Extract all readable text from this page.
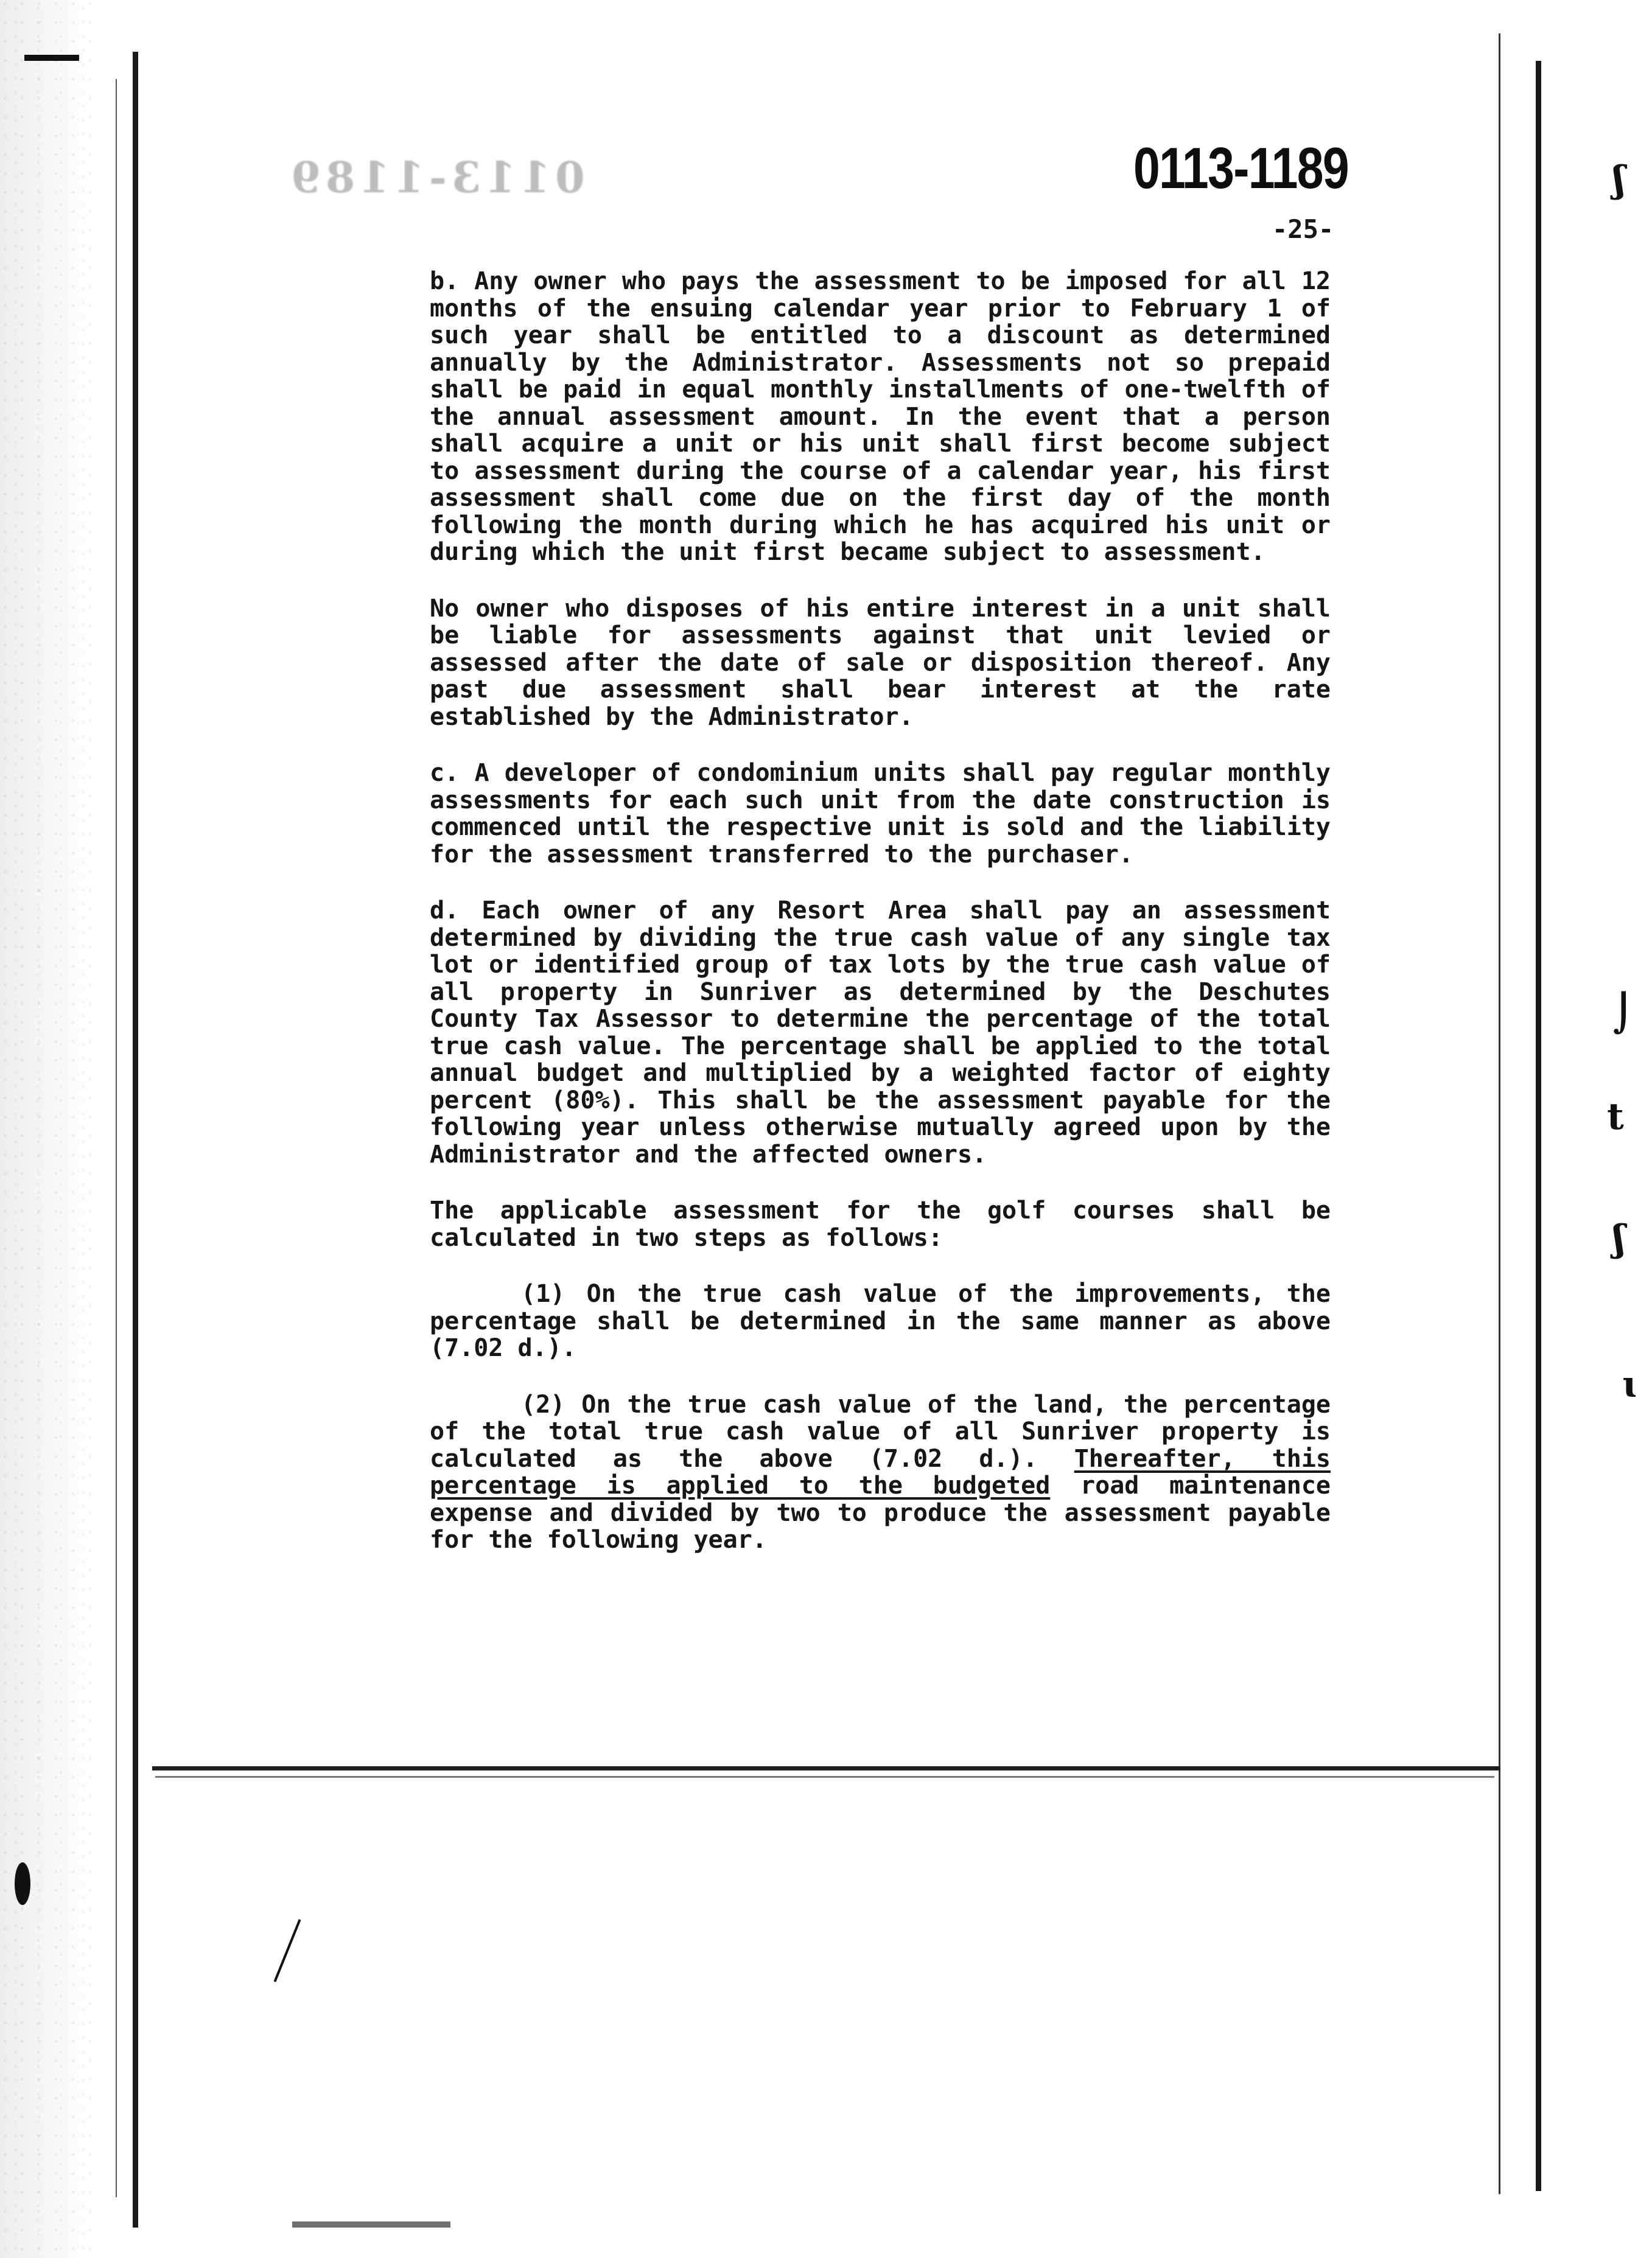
0113-1189	0113-1189
-25-

b. Any owner who pays the assessment to be imposed for all 12 months of the ensuing calendar year prior to February 1 of such year shall be entitled to a discount as determined annually by the Administrator. Assessments not so prepaid shall be paid in equal monthly installments of one-twelfth of the annual assessment amount. In the event that a person shall acquire a unit or his unit shall first become subject to assessment during the course of a calendar year, his first assessment shall come due on the first day of the month following the month during which he has acquired his unit or during which the unit first became subject to assessment.

No owner who disposes of his entire interest in a unit shall be liable for assessments against that unit levied or assessed after the date of sale or disposition thereof. Any past due assessment shall bear interest at the rate established by the Administrator.

c. A developer of condominium units shall pay regular monthly assessments for each such unit from the date construction is commenced until the respective unit is sold and the liability for the assessment transferred to the purchaser.

d. Each owner of any Resort Area shall pay an assessment determined by dividing the true cash value of any single tax lot or identified group of tax lots by the true cash value of all property in Sunriver as determined by the Deschutes County Tax Assessor to determine the percentage of the total true cash value. The percentage shall be applied to the total annual budget and multiplied by a weighted factor of eighty percent (80%). This shall be the assessment payable for the following year unless otherwise mutually agreed upon by the Administrator and the affected owners.

The applicable assessment for the golf courses shall be calculated in two steps as follows:

(1) On the true cash value of the improvements, the percentage shall be determined in the same manner as above (7.02 d.).

(2) On the true cash value of the land, the percentage of the total true cash value of all Sunriver property is calculated as the above (7.02 d.). Thereafter, this percentage is applied to the budgeted road maintenance expense and divided by two to produce the assessment payable for the following year.

ʃ
⌡
t
ʃ
ɩ
